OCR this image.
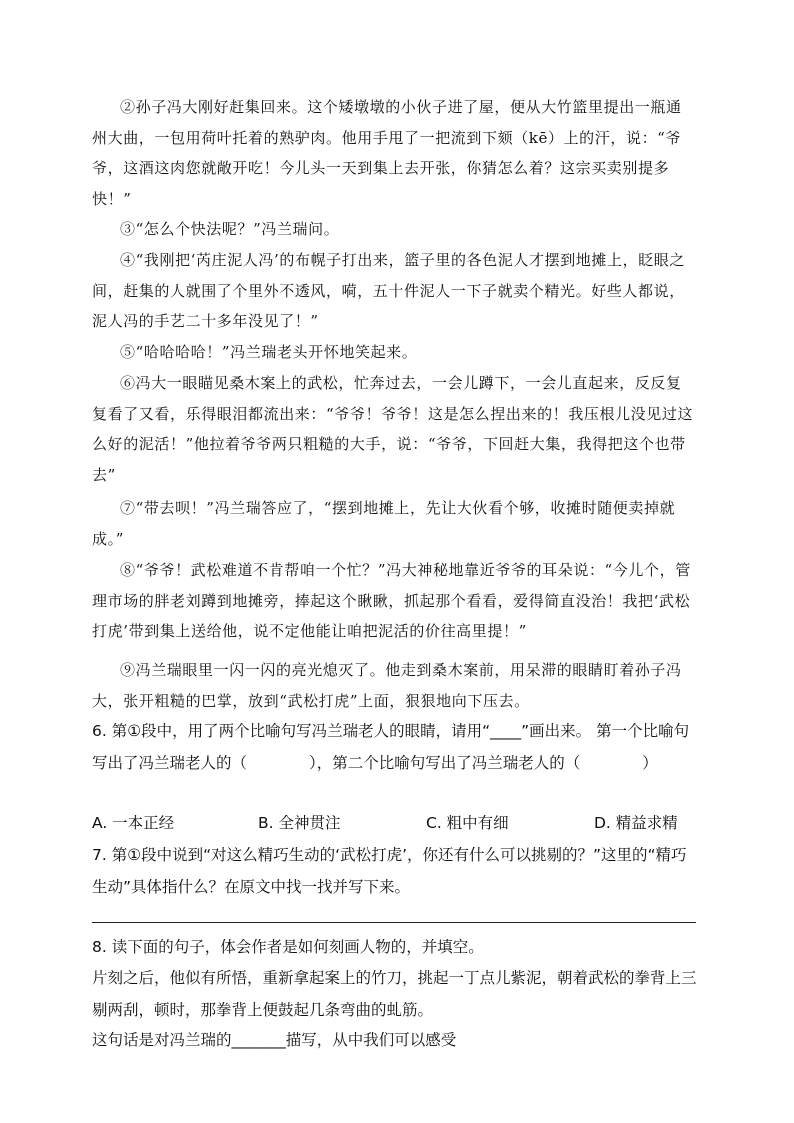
②孙子冯大刚好赶集回来。这个矮墩墩的小伙子进了屋，便从大竹篮里提出一瓶通州大曲，一包用荷叶托着的熟驴肉。他用手甩了一把流到下颏（kē）上的汗，说：“爷爷，这酒这肉您就敞开吃！今儿头一天到集上去开张，你猜怎么着？这宗买卖别提多快！”

③“怎么个快法呢？”冯兰瑞问。

④“我刚把‘芮庄泥人冯’的布幌子打出来，篮子里的各色泥人才摆到地摊上，眨眼之间，赶集的人就围了个里外不透风，嗬，五十件泥人一下子就卖个精光。好些人都说，泥人冯的手艺二十多年没见了！”

⑤“哈哈哈哈！”冯兰瑞老头开怀地笑起来。

⑥冯大一眼瞄见桑木案上的武松，忙奔过去，一会儿蹲下，一会儿直起来，反反复复看了又看，乐得眼泪都流出来：“爷爷！爷爷！这是怎么捏出来的！我压根儿没见过这么好的泥活！”他拉着爷爷两只粗糙的大手，说：“爷爷，下回赶大集，我得把这个也带去”

⑦“带去呗！”冯兰瑞答应了，“摆到地摊上，先让大伙看个够，收摊时随便卖掉就成。”

⑧“爷爷！武松难道不肯帮咱一个忙？”冯大神秘地靠近爷爷的耳朵说：“今儿个，管理市场的胖老刘蹲到地摊旁，捧起这个瞅瞅，抓起那个看看，爱得简直没治！我把‘武松打虎’带到集上送给他，说不定他能让咱把泥活的价往高里提！”

⑨冯兰瑞眼里一闪一闪的亮光熄灭了。他走到桑木案前，用呆滞的眼睛盯着孙子冯大，张开粗糙的巴掌，放到“武松打虎”上面，狠狠地向下压去。

6. 第①段中，用了两个比喻句写冯兰瑞老人的眼睛，请用“____”画出来。 第一个比喻句写出了冯兰瑞老人的（　　　　），第二个比喻句写出了冯兰瑞老人的（　　　　）

A. 一本正经	B. 全神贯注	C. 粗中有细	D. 精益求精

7. 第①段中说到“对这么精巧生动的‘武松打虎’，你还有什么可以挑剔的？”这里的“精巧生动”具体指什么？在原文中找一找并写下来。

8. 读下面的句子，体会作者是如何刻画人物的，并填空。

片刻之后，他似有所悟，重新拿起案上的竹刀，挑起一丁点儿紫泥，朝着武松的拳背上三剔两刮，顿时，那拳背上便鼓起几条弯曲的虬筋。

这句话是对冯兰瑞的_______描写，从中我们可以感受
